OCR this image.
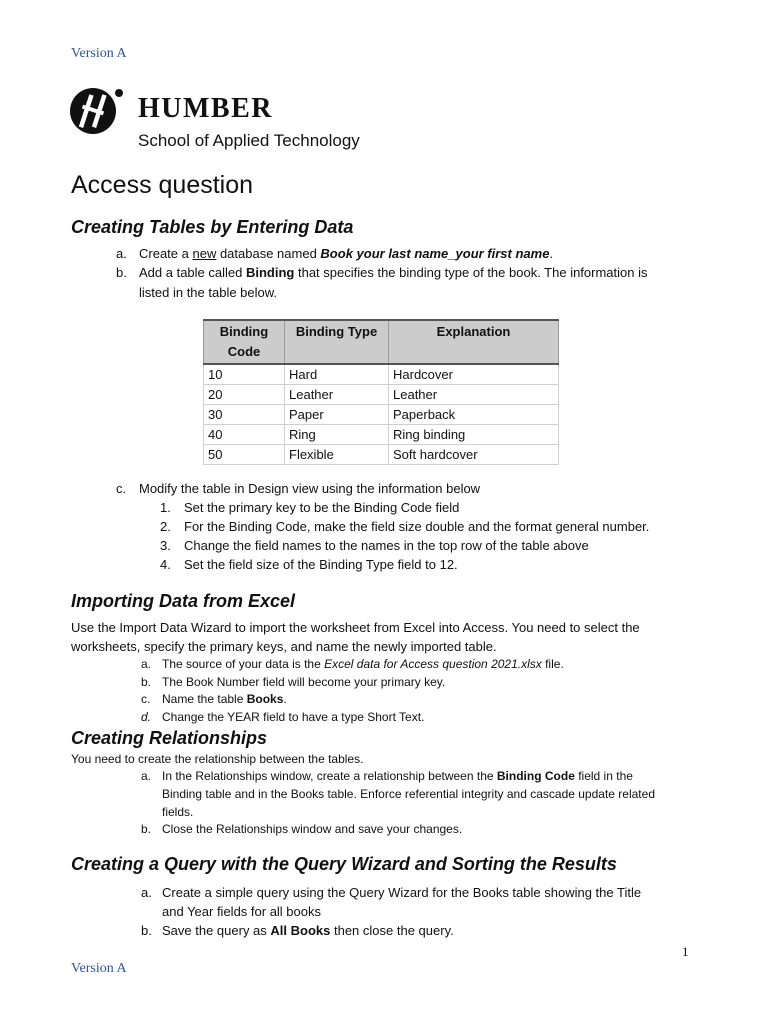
Version A
HUMBER
School of Applied Technology
Access question
Creating Tables by Entering Data
a. Create a new database named Book your last name_your first name.
b. Add a table called Binding that specifies the binding type of the book. The information is
listed in the table below.
Binding Code	Binding Type	Explanation
10	Hard	Hardcover
20	Leather	Leather
30	Paper	Paperback
40	Ring	Ring binding
50	Flexible	Soft hardcover
c. Modify the table in Design view using the information below
1. Set the primary key to be the Binding Code field
2. For the Binding Code, make the field size double and the format general number.
3. Change the field names to the names in the top row of the table above
4. Set the field size of the Binding Type field to 12.
Importing Data from Excel
Use the Import Data Wizard to import the worksheet from Excel into Access. You need to select the
worksheets, specify the primary keys, and name the newly imported table.
a. The source of your data is the Excel data for Access question 2021.xlsx file.
b. The Book Number field will become your primary key.
c. Name the table Books.
d. Change the YEAR field to have a type Short Text.
Creating Relationships
You need to create the relationship between the tables.
a. In the Relationships window, create a relationship between the Binding Code field in the
Binding table and in the Books table. Enforce referential integrity and cascade update related
fields.
b. Close the Relationships window and save your changes.
Creating a Query with the Query Wizard and Sorting the Results
a. Create a simple query using the Query Wizard for the Books table showing the Title
and Year fields for all books
b. Save the query as All Books then close the query.
1
Version A
